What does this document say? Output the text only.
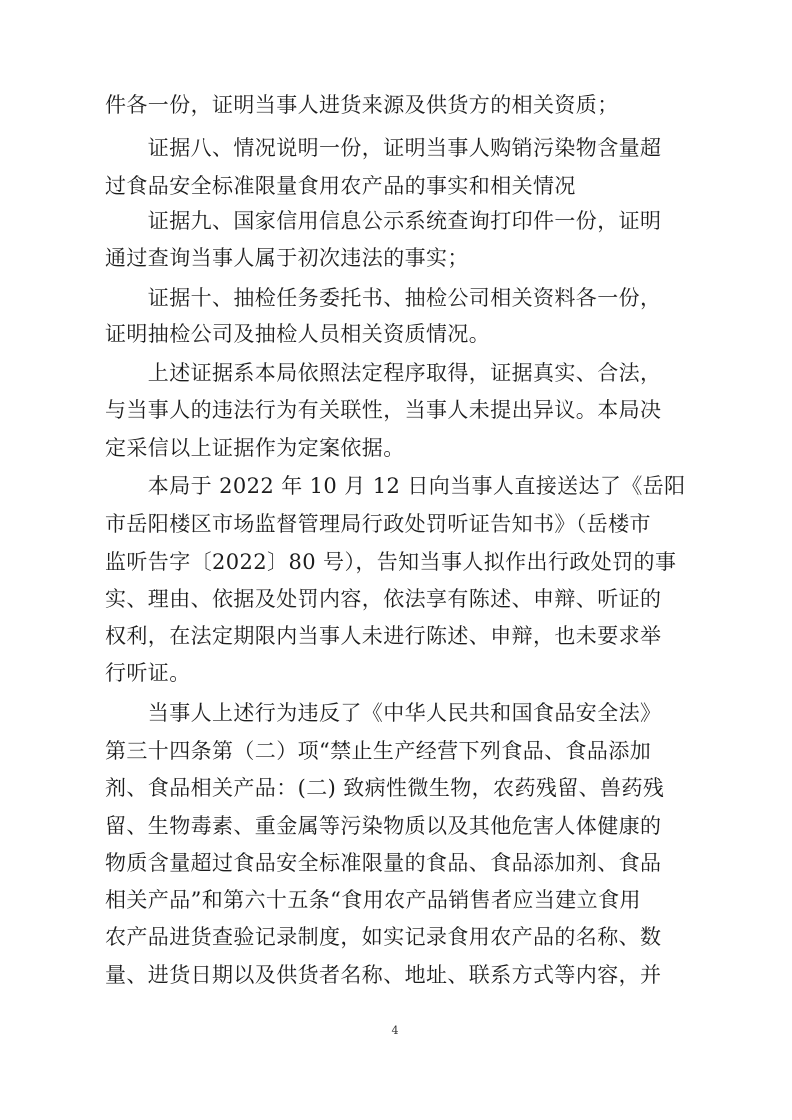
件各一份，证明当事人进货来源及供货方的相关资质；
　　证据八、情况说明一份，证明当事人购销污染物含量超
过食品安全标准限量食用农产品的事实和相关情况
　　证据九、国家信用信息公示系统查询打印件一份，证明
通过查询当事人属于初次违法的事实；
　　证据十、抽检任务委托书、抽检公司相关资料各一份，
证明抽检公司及抽检人员相关资质情况。
　　上述证据系本局依照法定程序取得，证据真实、合法，
与当事人的违法行为有关联性，当事人未提出异议。本局决
定采信以上证据作为定案依据。
　　本局于 2022 年 10 月 12 日向当事人直接送达了《岳阳
市岳阳楼区市场监督管理局行政处罚听证告知书》（岳楼市
监听告字〔2022〕80 号），告知当事人拟作出行政处罚的事
实、理由、依据及处罚内容，依法享有陈述、申辩、听证的
权利，在法定期限内当事人未进行陈述、申辩，也未要求举
行听证。
　　当事人上述行为违反了《中华人民共和国食品安全法》
第三十四条第（二）项“禁止生产经营下列食品、食品添加
剂、食品相关产品：(二) 致病性微生物，农药残留、兽药残
留、生物毒素、重金属等污染物质以及其他危害人体健康的
物质含量超过食品安全标准限量的食品、食品添加剂、食品
相关产品”和第六十五条“食用农产品销售者应当建立食用
农产品进货查验记录制度，如实记录食用农产品的名称、数
量、进货日期以及供货者名称、地址、联系方式等内容，并
4
